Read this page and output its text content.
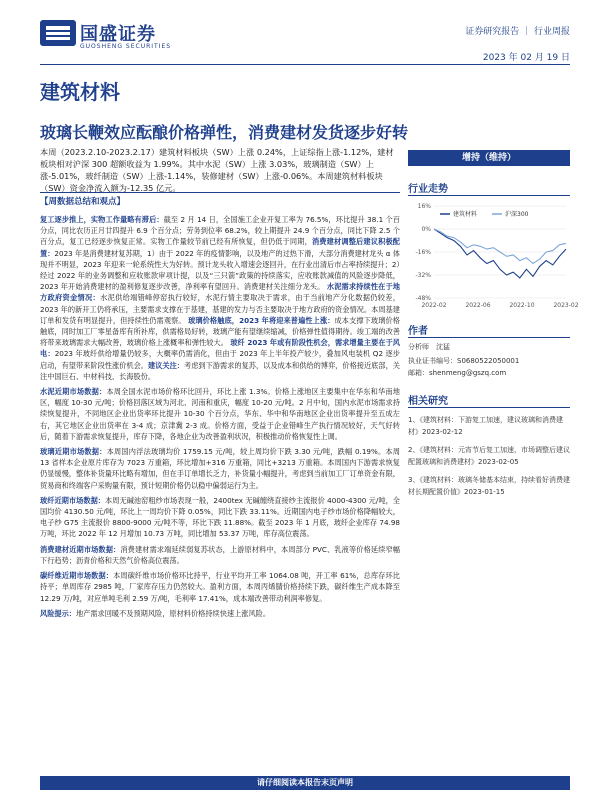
国盛证券
GUOSHENG SECURITIES
证券研究报告 ｜ 行业周报
2023 年 02 月 19 日
建筑材料
玻璃长鞭效应酝酿价格弹性，消费建材发货逐步好转
本周（2023.2.10-2023.2.17）建筑材料板块（SW）上涨 0.24%，上证综指上涨-1.12%，建材板块相对沪深 300 超额收益为 1.99%。其中水泥（SW）上涨 3.03%，玻璃制造（SW）上涨-5.01%，玻纤制造（SW）上涨-1.14%，装修建材（SW）上涨-0.06%。本周建筑材料板块（SW）资金净流入额为-12.35 亿元。
增持（维持）
行业走势
16%
0%
-16%
-32%
-48%
2022-02	2022-06	2022-10	2023-02
建筑材料	沪深300
作者
分析师　沈猛
执业证书编号：S0680522050001
邮箱：shenmeng@gszq.com
相关研究
1、《建筑材料：下游复工加速，建议玻璃和消费建材》2023-02-12
2、《建筑材料：元宵节后复工加速，市场调整后建议配置玻璃和消费建材》2023-02-05
3、《建筑材料：玻璃冬储基本结束，持续看好消费建材长期配置价值》2023-01-15
【周数据总结和观点】
复工逐步推上，实物工作量略有滞后：截至 2 月 14 日，全国施工企业开复工率为 76.5%，环比提升 38.1 个百分点，同比农历正月廿四提升 6.9 个百分点；劳务到位率 68.2%，较上期提升 24.9 个百分点，同比下降 2.5 个百分点，复工已经逐步恢复正常。实物工作量较节前已经有所恢复，但仍低于同期，消费建材调整后建议积极配置：2023 年是消费建材复苏期，1）由于 2022 年的疫情影响，以及地产的过热下滑，大部分消费建材龙头 α 体现并不明显，2023 年迎来一轮系统性大为好转。预计龙头收入增速会逐回升，在行业出清后市占率持续提升；2）经过 2022 年的业务调整和应收账款审项计提，以及“三只箭”政策的持续落实，应收账款减值的风险逐步降低，2023 年开始消费建材的盈利修复逐步改善，净利率有望回升。消费建材关注细分龙头。 水泥需求持续性在于地方政府资金情况：水泥供给端错峰停窑执行较好，水泥行情主要取决于需求，由于当前地产分化数据仍较差，2023 年的新开工仍将承压，主要需求支撑在于基建，基建的发力与否主要取决于地方政府的资金情况。本周基建订单和发货有明显提升，但持续性仍需观察。 玻璃价格触底，2023 年将迎来普遍性上涨：成本支撑下玻璃价格触底，同时加工厂零星备库有所补库，供需格局好转，玻璃产能有望继续缩减，价格弹性值得期待。竣工端的改善将带来玻璃需求大幅改善，玻璃价格上涨概率和弹性较大。 玻纤 2023 年或有阶段性机会，需求增量主要在于风电：2023 年玻纤供给增量仍较多，大概率仍需消化，但由于 2023 年上半年投产较少，叠加风电装机 Q2 逐步启动，有望带来阶段性涨价机会。建议关注：考虑到下游需求的复苏，以及成本和供给的博弈，价格接近底部，关注中国巨石、中材科技、长海股份。
水泥近期市场数据：本周全国水泥市场价格环比回升，环比上涨 1.3%。价格上涨地区主要集中在华东和华南地区，幅度 10-30 元/吨；价格回落区域为河北、河南和重庆，幅度 10-20 元/吨。2 月中旬，国内水泥市场需求持续恢复提升，不同地区企业出货率环比提升 10-30 个百分点，华东、华中和华南地区企业出货率提升至五成左右，其它地区企业出货率在 3-4 成；京津冀 2-3 成。价格方面，受益于企业错峰生产执行情况较好，天气好转后，随着下游需求恢复提升，库存下降，各地企业为改善盈利状况，积极推动价格恢复性上调。
玻璃近期市场数据：本周国内浮法玻璃均价 1759.15 元/吨，较上周均价下跌 3.30 元/吨，跌幅 0.19%。本周 13 省样本企业原片库存为 7023 万重箱，环比增加+316 万重箱，同比+3213 万重箱。本周国内下游需求恢复仍显缓慢，整体补货量环比略有增加，但在手订单增长乏力，补货量小幅提升，考虑到当前加工厂订单资金有限，贸易商和终端客户采购量有限，预计短期价格仍以稳中偏弱运行为主。
玻纤近期市场数据：本周无碱池窑粗纱市场表现一般，2400tex 无碱缠绕直接纱主流报价 4000-4300 元/吨，全国均价 4130.50 元/吨，环比上一周均价下降 0.05%，同比下跌 33.11%。近期国内电子纱市场价格降幅较大，电子纱 G75 主流报价 8800-9000 元/吨不等，环比下跌 11.88%。截至 2023 年 1 月底，玻纤企业库存 74.98 万吨，环比 2022 年 12 月增加 10.73 万吨，同比增加 53.37 万吨，库存高位震荡。
消费建材近期市场数据：消费建材需求端延续弱复苏状态，上游原材料中，本周部分 PVC、乳液等价格延续窄幅下行趋势；沥青价格和天然气价格高位震荡。
碳纤维近期市场数据：本周碳纤维市场价格环比持平，行业平均开工率 1064.08 吨，开工率 61%，总库存环比持平；单周库存 2985 吨，厂家库存压力仍然较大。盈利方面，本周丙烯腈价格持续下跌，碳纤维生产成本降至 12.29 万/吨，对应单吨毛利 2.59 万/吨，毛利率 17.41%，成本端改善带动利润率修复。
风险提示：地产需求回暖不及预期风险，原材料价格持续快速上涨风险。
请仔细阅读本报告末页声明
